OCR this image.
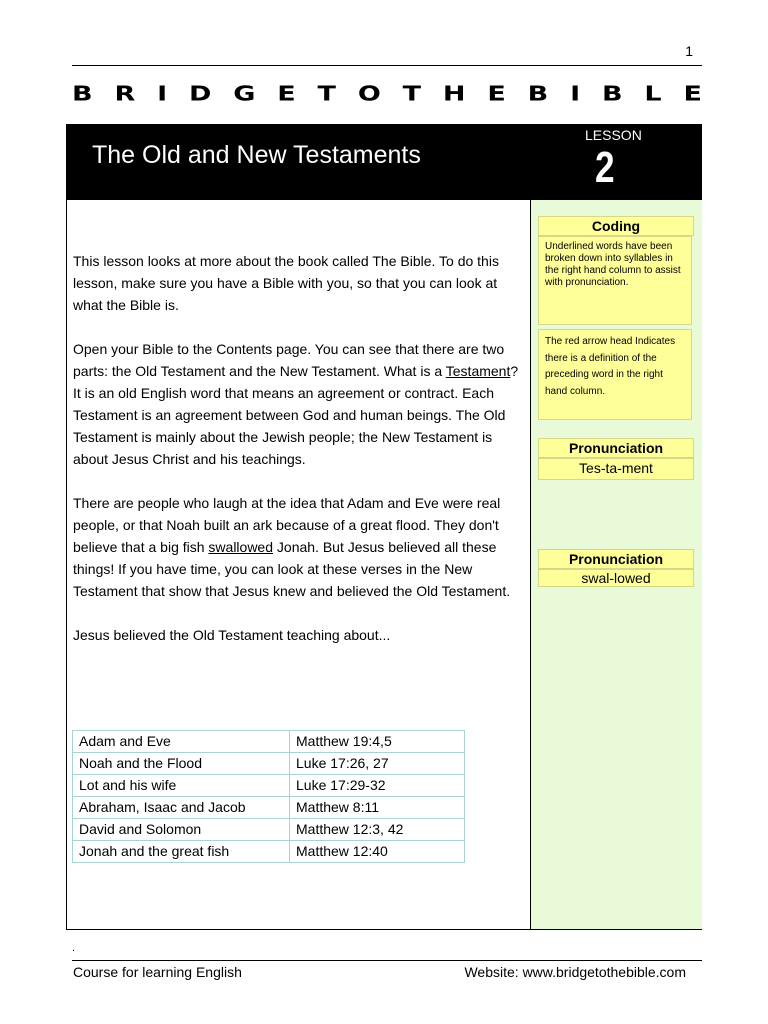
1
B R I D G E T O T H E B I B L E
The Old and New Testaments
LESSON
2
Coding
Underlined words have been broken down into syllables in the right hand column to assist with pronunciation.
The red arrow head Indicates there is a definition of the preceding word in the right hand column.
Pronunciation
Tes-ta-ment
Pronunciation
swal-lowed

This lesson looks at more about the book called The Bible. To do this lesson, make sure you have a Bible with you, so that you can look at what the Bible is.

Open your Bible to the Contents page. You can see that there are two parts: the Old Testament and the New Testament. What is a Testament? It is an old English word that means an agreement or contract. Each Testament is an agreement between God and human beings. The Old Testament is mainly about the Jewish people; the New Testament is about Jesus Christ and his teachings.

There are people who laugh at the idea that Adam and Eve were real people, or that Noah built an ark because of a great flood. They don't believe that a big fish swallowed Jonah. But Jesus believed all these things! If you have time, you can look at these verses in the New Testament that show that Jesus knew and believed the Old Testament.

Jesus believed the Old Testament teaching about...

Adam and Eve	Matthew 19:4,5
Noah and the Flood	Luke 17:26, 27
Lot and his wife	Luke 17:29-32
Abraham, Isaac and Jacob	Matthew 8:11
David and Solomon	Matthew 12:3, 42
Jonah and the great fish	Matthew 12:40
.
Course for learning English	Website: www.bridgetothebible.com
